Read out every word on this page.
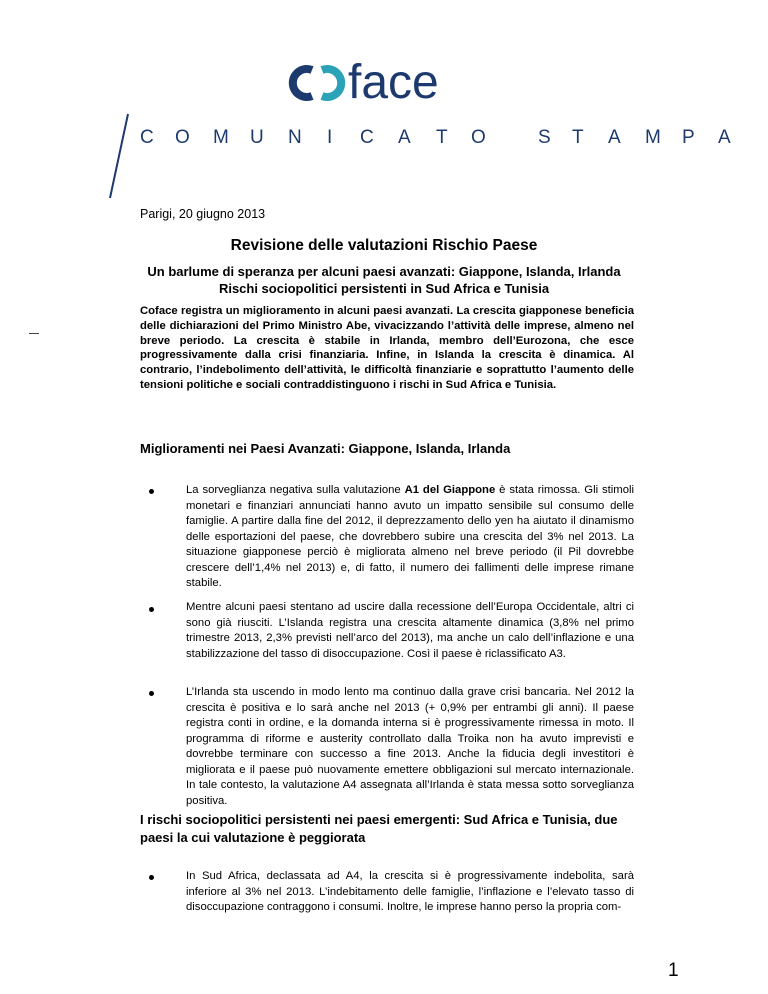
face
C O M U N I C A T O	S T A M P A
Parigi, 20 giugno 2013
Revisione delle valutazioni Rischio Paese
Un barlume di speranza per alcuni paesi avanzati: Giappone, Islanda, Irlanda
Rischi sociopolitici persistenti in Sud Africa e Tunisia
Coface registra un miglioramento in alcuni paesi avanzati. La crescita giapponese beneficia delle dichiarazioni del Primo Ministro Abe, vivacizzando l’attività delle imprese, almeno nel breve periodo. La crescita è stabile in Irlanda, membro dell’Eurozona, che esce progressivamente dalla crisi finanziaria. Infine, in Islanda la crescita è dinamica. Al contrario, l’indebolimento dell’attività, le difficoltà finanziarie e soprattutto l’aumento delle tensioni politiche e sociali contraddistinguono i rischi in Sud Africa e Tunisia.
Miglioramenti nei Paesi Avanzati: Giappone, Islanda, Irlanda
La sorveglianza negativa sulla valutazione A1 del Giappone è stata rimossa. Gli stimoli monetari e finanziari annunciati hanno avuto un impatto sensibile sul consumo delle famiglie. A partire dalla fine del 2012, il deprezzamento dello yen ha aiutato il dinamismo delle esportazioni del paese, che dovrebbero subire una crescita del 3% nel 2013. La situazione giapponese perciò è migliorata almeno nel breve periodo (il Pil dovrebbe crescere dell’1,4% nel 2013) e, di fatto, il numero dei fallimenti delle imprese rimane stabile.
Mentre alcuni paesi stentano ad uscire dalla recessione dell’Europa Occidentale, altri ci sono già riusciti. L’Islanda registra una crescita altamente dinamica (3,8% nel primo trimestre 2013, 2,3% previsti nell’arco del 2013), ma anche un calo dell’inflazione e una stabilizzazione del tasso di disoccupazione. Così il paese è riclassificato A3.
L’Irlanda sta uscendo in modo lento ma continuo dalla grave crisi bancaria. Nel 2012 la crescita è positiva e lo sarà anche nel 2013 (+ 0,9% per entrambi gli anni). Il paese registra conti in ordine, e la domanda interna si è progressivamente rimessa in moto. Il programma di riforme e austerity controllato dalla Troika non ha avuto imprevisti e dovrebbe terminare con successo a fine 2013. Anche la fiducia degli investitori è migliorata e il paese può nuovamente emettere obbligazioni sul mercato internazionale. In tale contesto, la valutazione A4 assegnata all’Irlanda è stata messa sotto sorveglianza positiva.
I rischi sociopolitici persistenti nei paesi emergenti: Sud Africa e Tunisia, due paesi la cui valutazione è peggiorata
In Sud Africa, declassata ad A4, la crescita si è progressivamente indebolita, sarà inferiore al 3% nel 2013. L’indebitamento delle famiglie, l’inflazione e l’elevato tasso di disoccupazione contraggono i consumi. Inoltre, le imprese hanno perso la propria com-
1
